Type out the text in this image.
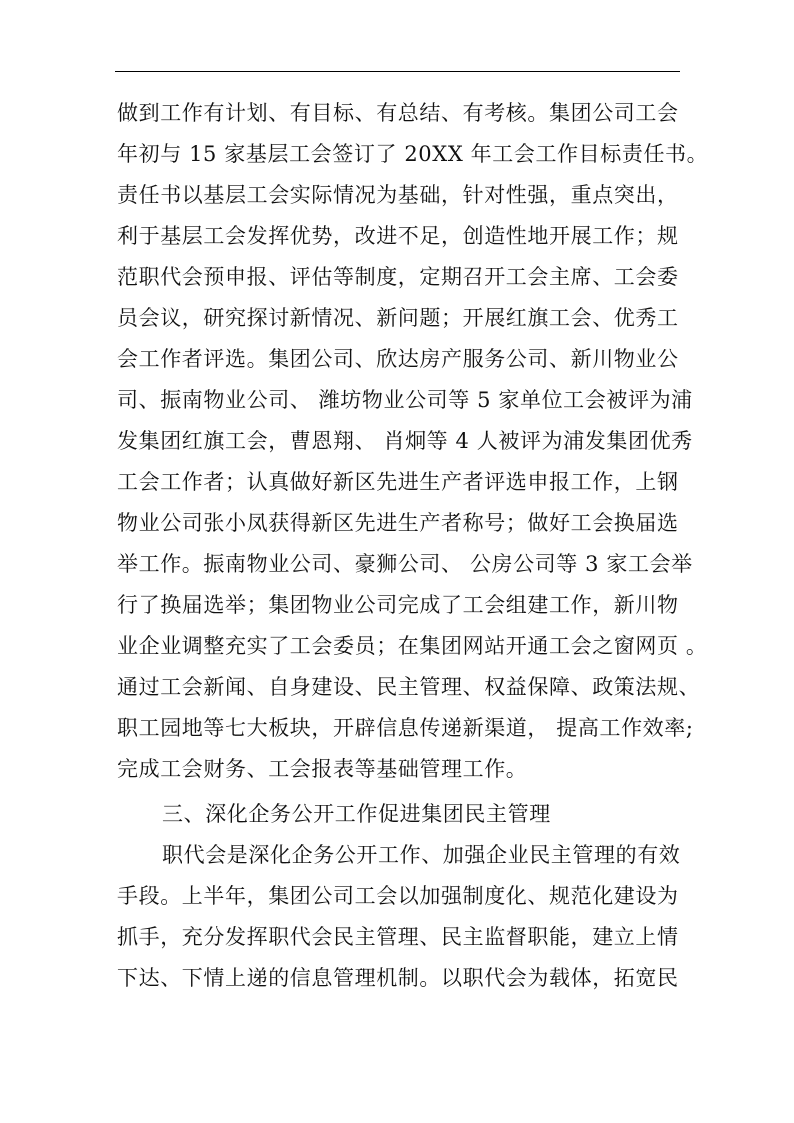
做到工作有计划、有目标、有总结、有考核。集团公司工会
年初与 15 家基层工会签订了 20XX 年工会工作目标责任书。
责任书以基层工会实际情况为基础，针对性强，重点突出，
利于基层工会发挥优势，改进不足，创造性地开展工作；规
范职代会预申报、评估等制度，定期召开工会主席、工会委
员会议，研究探讨新情况、新问题；开展红旗工会、优秀工
会工作者评选。集团公司、欣达房产服务公司、新川物业公
司、振南物业公司、 潍坊物业公司等 5 家单位工会被评为浦
发集团红旗工会，曹恩翔、 肖炯等 4 人被评为浦发集团优秀
工会工作者；认真做好新区先进生产者评选申报工作，上钢
物业公司张小凤获得新区先进生产者称号；做好工会换届选
举工作。振南物业公司、豪狮公司、 公房公司等 3 家工会举
行了换届选举；集团物业公司完成了工会组建工作，新川物
业企业调整充实了工会委员；在集团网站开通工会之窗网页 。
通过工会新闻、自身建设、民主管理、权益保障、政策法规、
职工园地等七大板块，开辟信息传递新渠道， 提高工作效率;
完成工会财务、工会报表等基础管理工作。
三、深化企务公开工作促进集团民主管理
职代会是深化企务公开工作、加强企业民主管理的有效
手段。上半年，集团公司工会以加强制度化、规范化建设为
抓手，充分发挥职代会民主管理、民主监督职能，建立上情
下达、下情上递的信息管理机制。以职代会为载体，拓宽民
